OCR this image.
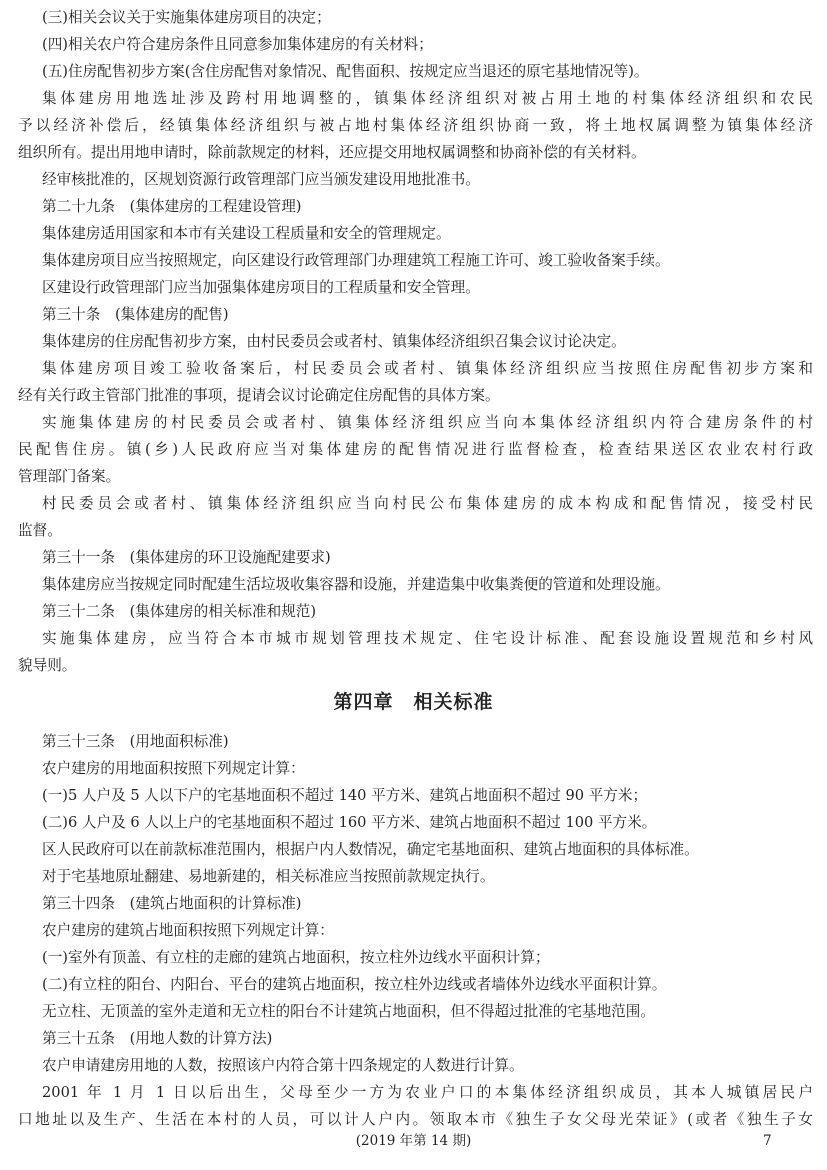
(三)相关会议关于实施集体建房项目的决定；
(四)相关农户符合建房条件且同意参加集体建房的有关材料；
(五)住房配售初步方案(含住房配售对象情况、配售面积、按规定应当退还的原宅基地情况等)。
集体建房用地选址涉及跨村用地调整的，镇集体经济组织对被占用土地的村集体经济组织和农民
予以经济补偿后，经镇集体经济组织与被占地村集体经济组织协商一致，将土地权属调整为镇集体经济
组织所有。提出用地申请时，除前款规定的材料，还应提交用地权属调整和协商补偿的有关材料。
经审核批准的，区规划资源行政管理部门应当颁发建设用地批准书。
第二十九条　(集体建房的工程建设管理)
集体建房适用国家和本市有关建设工程质量和安全的管理规定。
集体建房项目应当按照规定，向区建设行政管理部门办理建筑工程施工许可、竣工验收备案手续。
区建设行政管理部门应当加强集体建房项目的工程质量和安全管理。
第三十条　(集体建房的配售)
集体建房的住房配售初步方案，由村民委员会或者村、镇集体经济组织召集会议讨论决定。
集体建房项目竣工验收备案后，村民委员会或者村、镇集体经济组织应当按照住房配售初步方案和
经有关行政主管部门批准的事项，提请会议讨论确定住房配售的具体方案。
实施集体建房的村民委员会或者村、镇集体经济组织应当向本集体经济组织内符合建房条件的村
民配售住房。镇(乡)人民政府应当对集体建房的配售情况进行监督检查，检查结果送区农业农村行政
管理部门备案。
村民委员会或者村、镇集体经济组织应当向村民公布集体建房的成本构成和配售情况，接受村民
监督。
第三十一条　(集体建房的环卫设施配建要求)
集体建房应当按规定同时配建生活垃圾收集容器和设施，并建造集中收集粪便的管道和处理设施。
第三十二条　(集体建房的相关标准和规范)
实施集体建房，应当符合本市城市规划管理技术规定、住宅设计标准、配套设施设置规范和乡村风
貌导则。
第四章　相关标准
第三十三条　(用地面积标准)
农户建房的用地面积按照下列规定计算：
(一)5 人户及 5 人以下户的宅基地面积不超过 140 平方米、建筑占地面积不超过 90 平方米；
(二)6 人户及 6 人以上户的宅基地面积不超过 160 平方米、建筑占地面积不超过 100 平方米。
区人民政府可以在前款标准范围内，根据户内人数情况，确定宅基地面积、建筑占地面积的具体标准。
对于宅基地原址翻建、易地新建的，相关标准应当按照前款规定执行。
第三十四条　(建筑占地面积的计算标准)
农户建房的建筑占地面积按照下列规定计算：
(一)室外有顶盖、有立柱的走廊的建筑占地面积，按立柱外边线水平面积计算；
(二)有立柱的阳台、内阳台、平台的建筑占地面积，按立柱外边线或者墙体外边线水平面积计算。
无立柱、无顶盖的室外走道和无立柱的阳台不计建筑占地面积，但不得超过批准的宅基地范围。
第三十五条　(用地人数的计算方法)
农户申请建房用地的人数，按照该户内符合第十四条规定的人数进行计算。
2001 年 1 月 1 日以后出生，父母至少一方为农业户口的本集体经济组织成员，其本人城镇居民户
口地址以及生产、生活在本村的人员，可以计人户内。领取本市《独生子女父母光荣证》(或者《独生子女
(2019 年第 14 期)	7
